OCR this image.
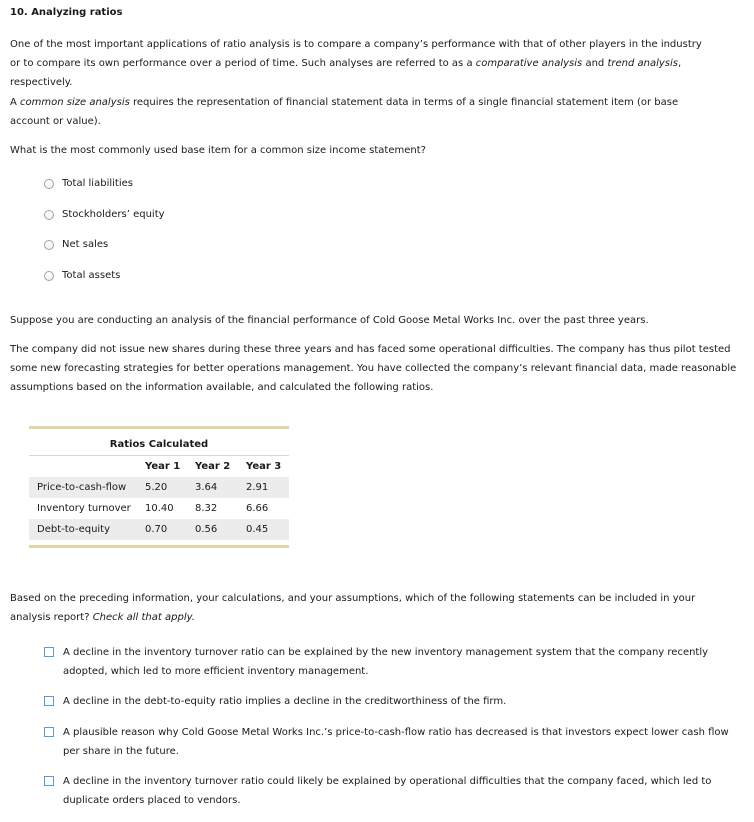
10. Analyzing ratios

One of the most important applications of ratio analysis is to compare a company’s performance with that of other players in the industry or to compare its own performance over a period of time. Such analyses are referred to as a comparative analysis and trend analysis, respectively.

A common size analysis requires the representation of financial statement data in terms of a single financial statement item (or base account or value).

What is the most commonly used base item for a common size income statement?

Total liabilities
Stockholders’ equity
Net sales
Total assets

Suppose you are conducting an analysis of the financial performance of Cold Goose Metal Works Inc. over the past three years.

The company did not issue new shares during these three years and has faced some operational difficulties. The company has thus pilot tested some new forecasting strategies for better operations management. You have collected the company’s relevant financial data, made reasonable assumptions based on the information available, and calculated the following ratios.

Ratios Calculated
Year 1 Year 2 Year 3
Price-to-cash-flow 5.20	3.64	2.91
Inventory turnover 10.40 8.32	6.66
Debt-to-equity	0.70	0.56	0.45

Based on the preceding information, your calculations, and your assumptions, which of the following statements can be included in your analysis report? Check all that apply.

A decline in the inventory turnover ratio can be explained by the new inventory management system that the company recently adopted, which led to more efficient inventory management.
A decline in the debt-to-equity ratio implies a decline in the creditworthiness of the firm.
A plausible reason why Cold Goose Metal Works Inc.’s price-to-cash-flow ratio has decreased is that investors expect lower cash flow per share in the future.
A decline in the inventory turnover ratio could likely be explained by operational difficulties that the company faced, which led to duplicate orders placed to vendors.
